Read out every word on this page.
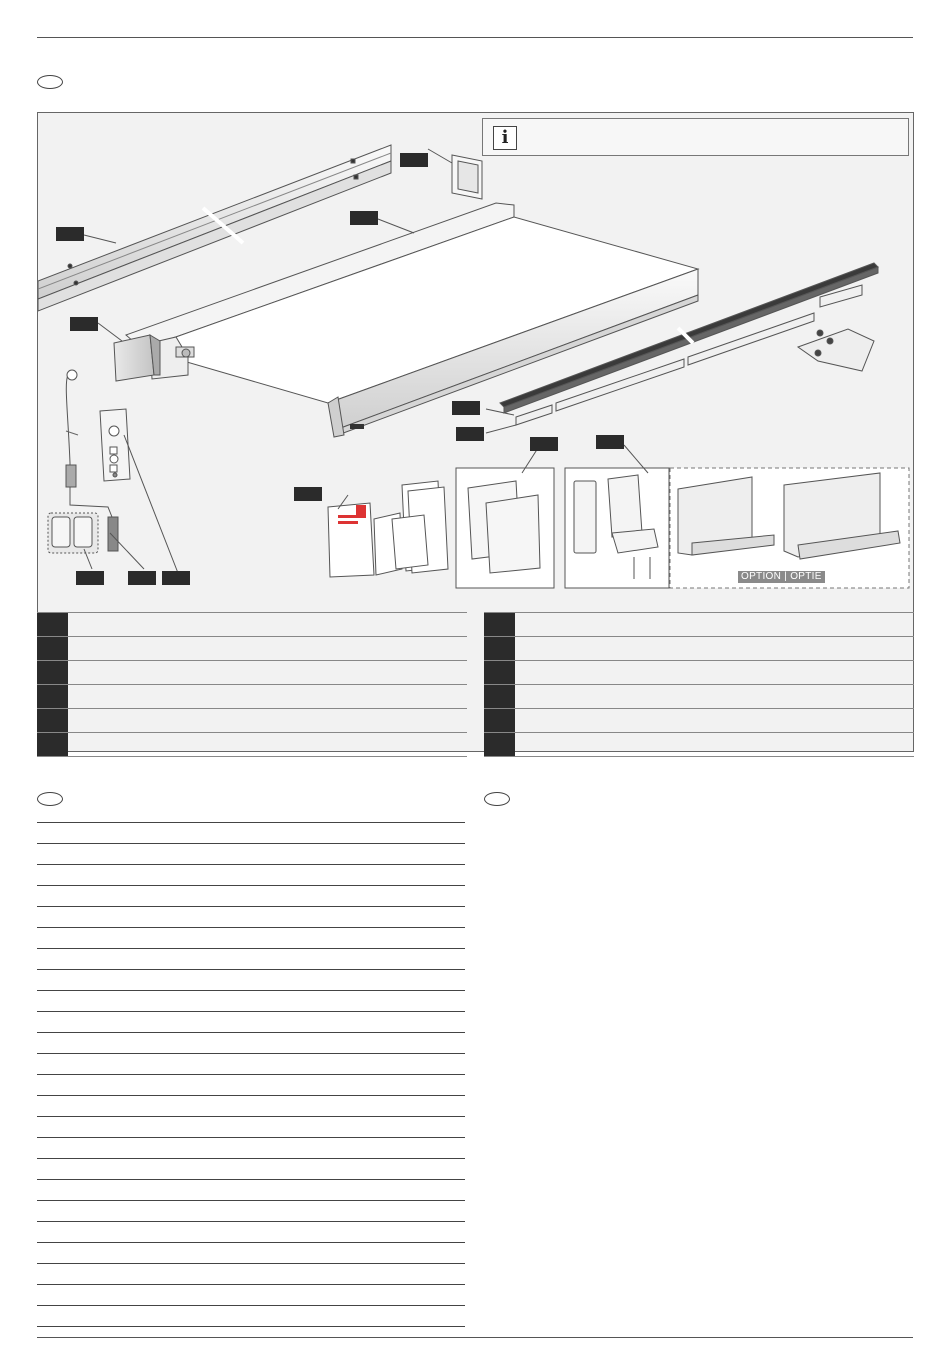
i
OPTION | OPTIE
